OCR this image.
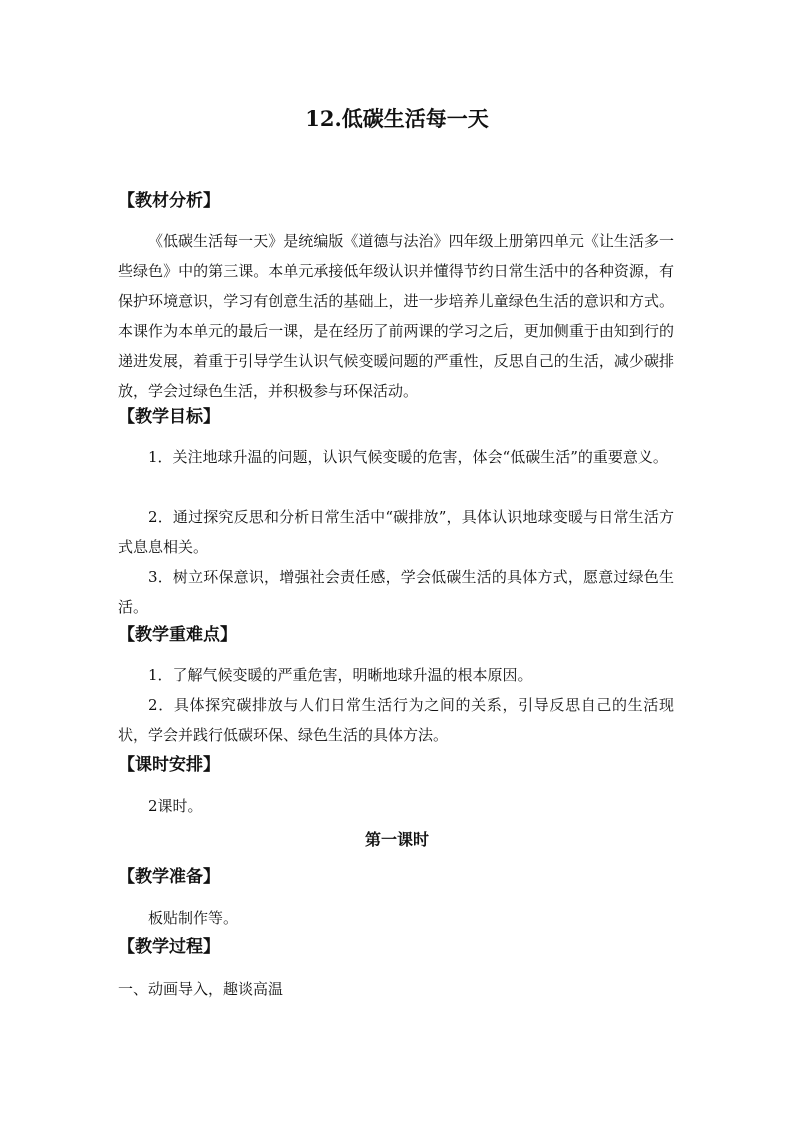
12.低碳生活每一天
【教材分析】

《低碳生活每一天》是统编版《道德与法治》四年级上册第四单元《让生活多一些绿色》中的第三课。本单元承接低年级认识并懂得节约日常生活中的各种资源，有保护环境意识，学习有创意生活的基础上，进一步培养儿童绿色生活的意识和方式。本课作为本单元的最后一课，是在经历了前两课的学习之后，更加侧重于由知到行的递进发展，着重于引导学生认识气候变暖问题的严重性，反思自己的生活，减少碳排放，学会过绿色生活，并积极参与环保活动。

【教学目标】

1．关注地球升温的问题，认识气候变暖的危害，体会“低碳生活”的重要意义。

2．通过探究反思和分析日常生活中“碳排放”，具体认识地球变暖与日常生活方式息息相关。

3．树立环保意识，增强社会责任感，学会低碳生活的具体方式，愿意过绿色生活。

【教学重难点】

1．了解气候变暖的严重危害，明晰地球升温的根本原因。

2．具体探究碳排放与人们日常生活行为之间的关系，引导反思自己的生活现状，学会并践行低碳环保、绿色生活的具体方法。

【课时安排】

2课时。

第一课时
【教学准备】

板贴制作等。

【教学过程】
一、动画导入，趣谈高温
